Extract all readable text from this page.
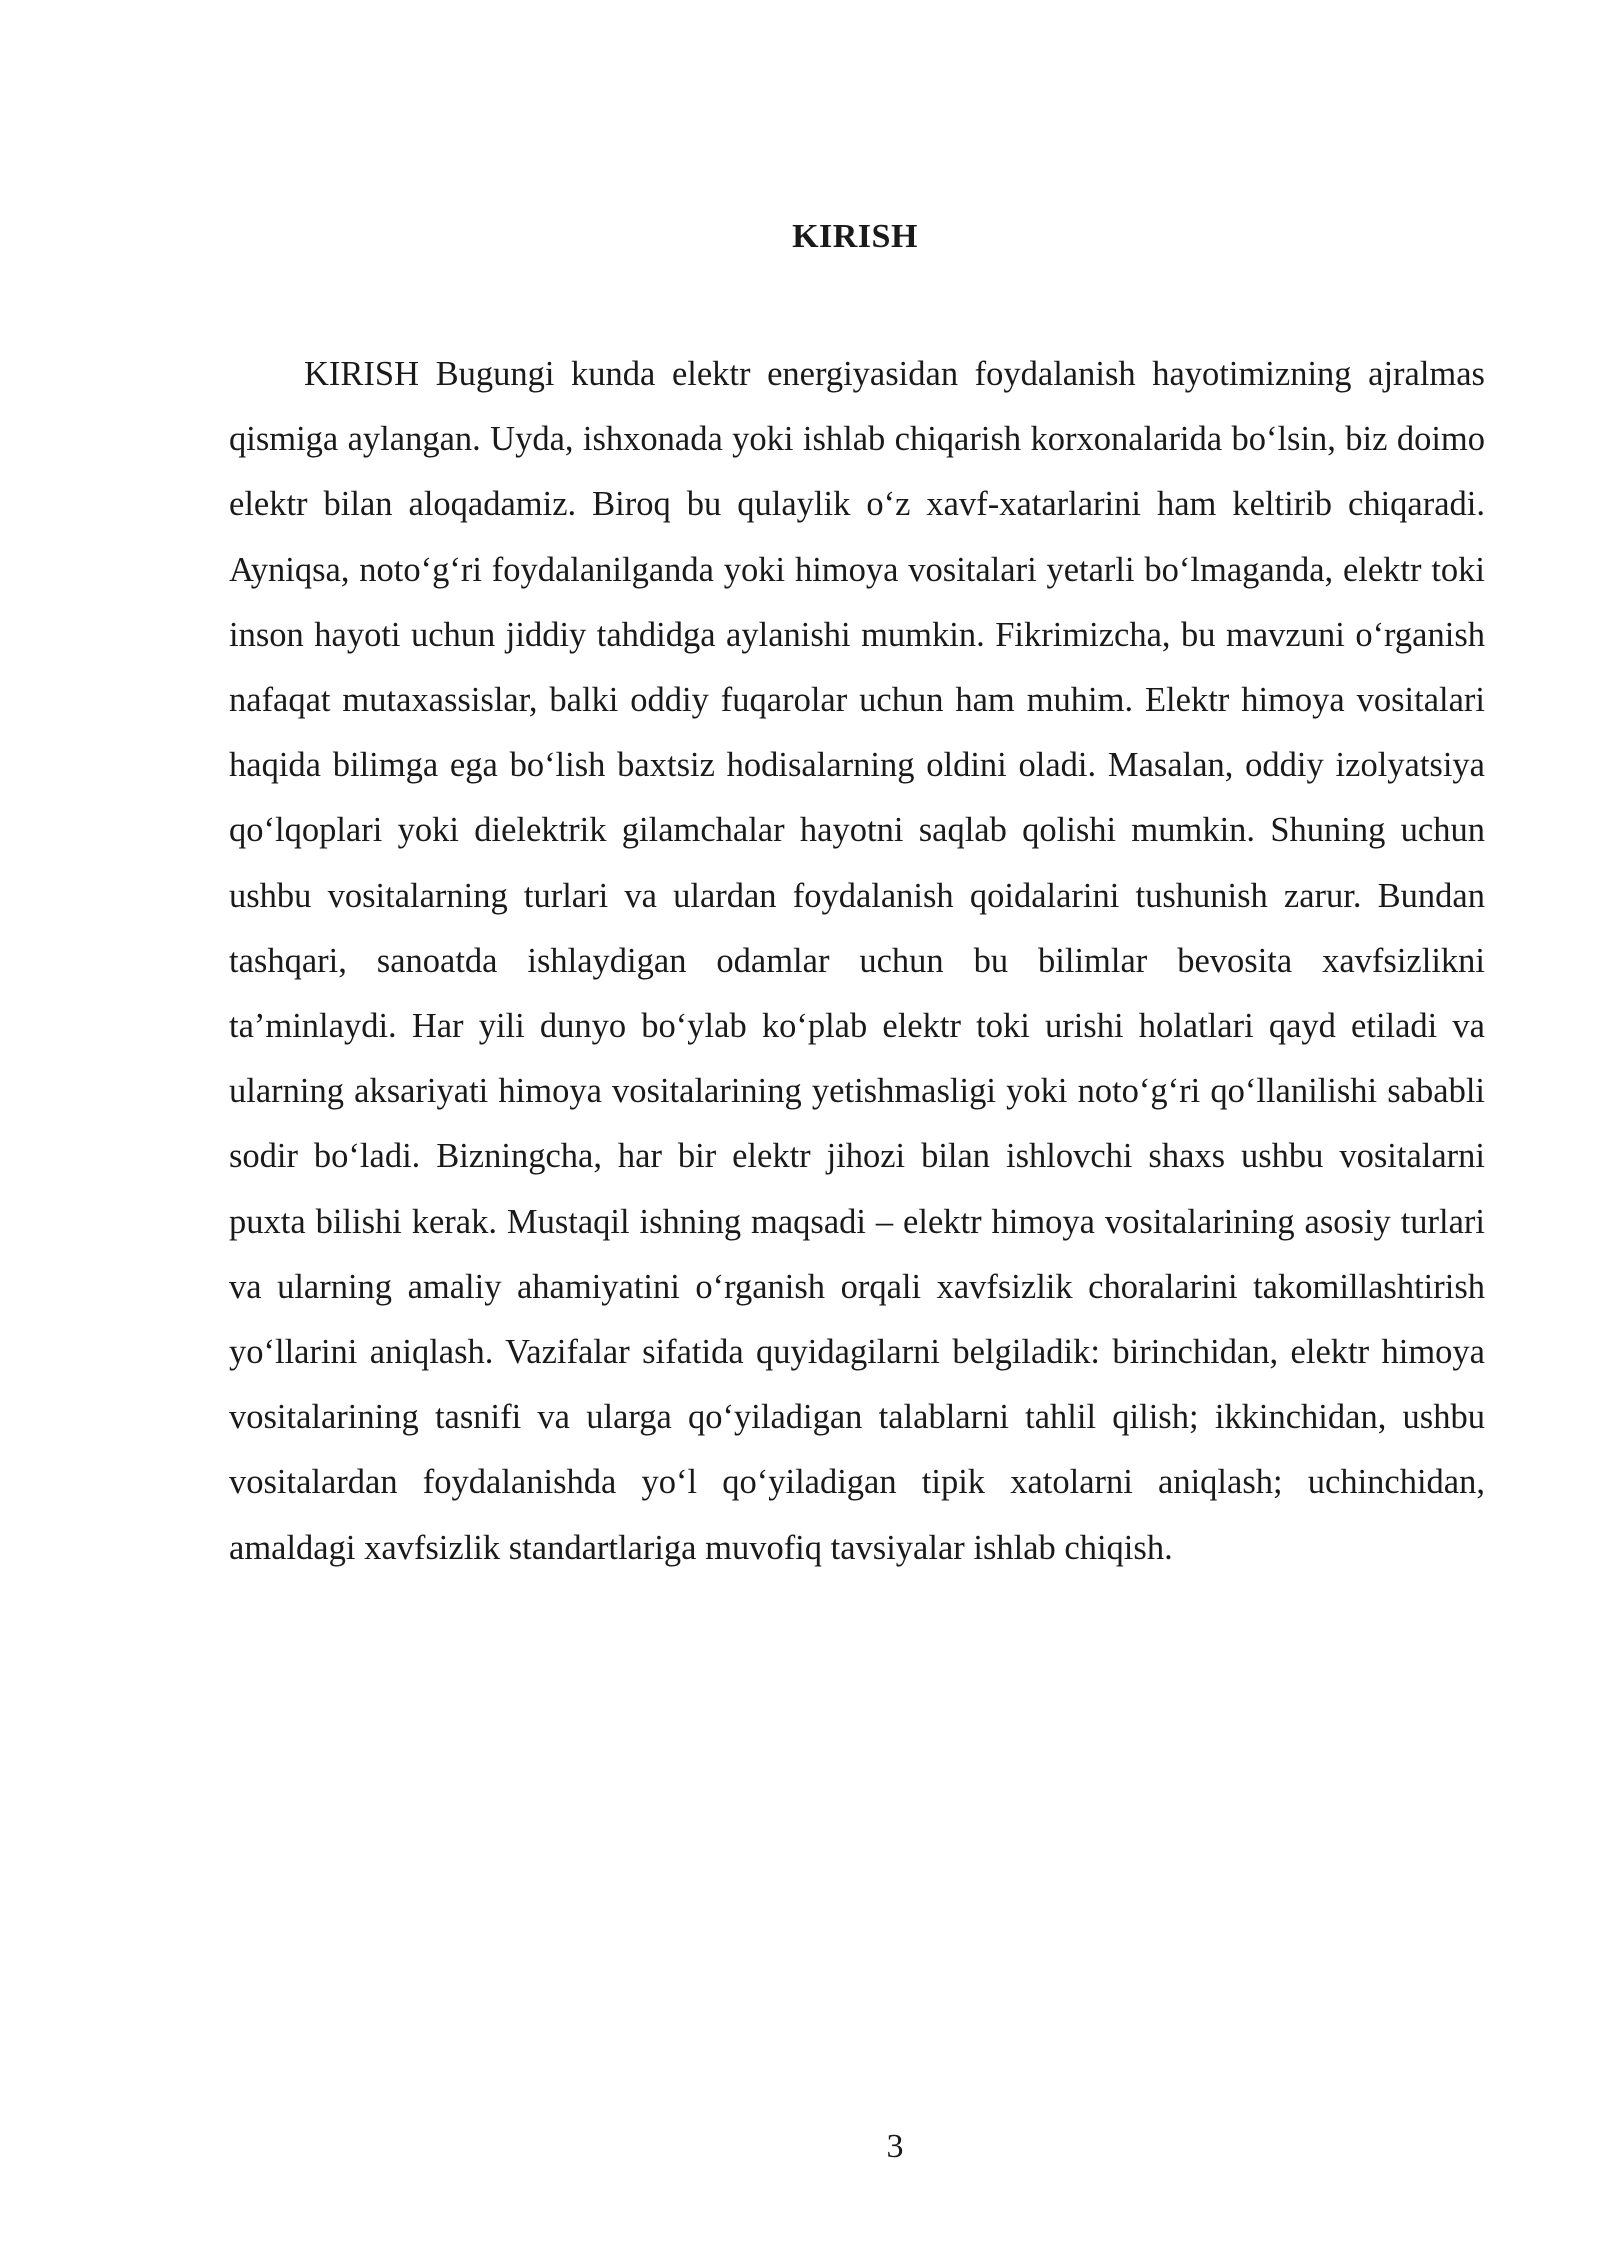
KIRISH

KIRISH Bugungi kunda elektr energiyasidan foydalanish hayotimizning ajralmas qismiga aylangan. Uyda, ishxonada yoki ishlab chiqarish korxonalarida bo‘lsin, biz doimo elektr bilan aloqadamiz. Biroq bu qulaylik o‘z xavf-xatarlarini ham keltirib chiqaradi. Ayniqsa, noto‘g‘ri foydalanilganda yoki himoya vositalari yetarli bo‘lmaganda, elektr toki inson hayoti uchun jiddiy tahdidga aylanishi mumkin. Fikrimizcha, bu mavzuni o‘rganish nafaqat mutaxassislar, balki oddiy fuqarolar uchun ham muhim. Elektr himoya vositalari haqida bilimga ega bo‘lish baxtsiz hodisalarning oldini oladi. Masalan, oddiy izolyatsiya qo‘lqoplari yoki dielektrik gilamchalar hayotni saqlab qolishi mumkin. Shuning uchun ushbu vositalarning turlari va ulardan foydalanish qoidalarini tushunish zarur. Bundan tashqari, sanoatda ishlaydigan odamlar uchun bu bilimlar bevosita xavfsizlikni ta’minlaydi. Har yili dunyo bo‘ylab ko‘plab elektr toki urishi holatlari qayd etiladi va ularning aksariyati himoya vositalarining yetishmasligi yoki noto‘g‘ri qo‘llanilishi sababli sodir bo‘ladi. Bizningcha, har bir elektr jihozi bilan ishlovchi shaxs ushbu vositalarni puxta bilishi kerak. Mustaqil ishning maqsadi – elektr himoya vositalarining asosiy turlari va ularning amaliy ahamiyatini o‘rganish orqali xavfsizlik choralarini takomillashtirish yo‘llarini aniqlash. Vazifalar sifatida quyidagilarni belgiladik: birinchidan, elektr himoya vositalarining tasnifi va ularga qo‘yiladigan talablarni tahlil qilish; ikkinchidan, ushbu vositalardan foydalanishda yo‘l qo‘yiladigan tipik xatolarni aniqlash; uchinchidan, amaldagi xavfsizlik standartlariga muvofiq tavsiyalar ishlab chiqish.

3
